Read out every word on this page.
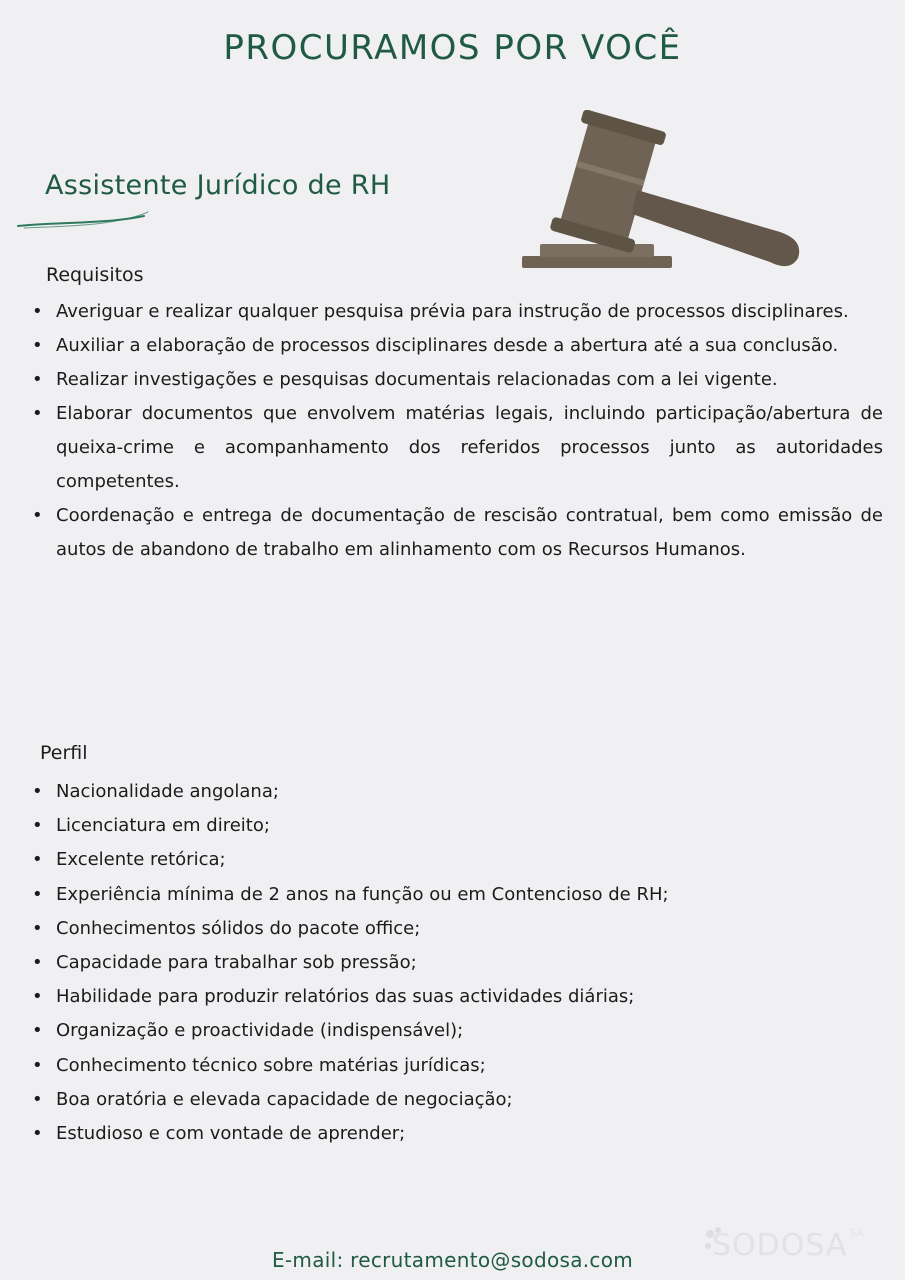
PROCURAMOS POR VOCÊ
Assistente Jurídico de RH

Requisitos

• Averiguar e realizar qualquer pesquisa prévia para instrução de processos disciplinares.
• Auxiliar a elaboração de processos disciplinares desde a abertura até a sua conclusão.
• Realizar investigações e pesquisas documentais relacionadas com a lei vigente.
• Elaborar documentos que envolvem matérias legais, incluindo participação/abertura de queixa-crime e acompanhamento dos referidos processos junto as autoridades competentes.
• Coordenação e entrega de documentação de rescisão contratual, bem como emissão de autos de abandono de trabalho em alinhamento com os Recursos Humanos.

Perfil

• Nacionalidade angolana;
• Licenciatura em direito;
• Excelente retórica;
• Experiência mínima de 2 anos na função ou em Contencioso de RH;
• Conhecimentos sólidos do pacote office;
• Capacidade para trabalhar sob pressão;
• Habilidade para produzir relatórios das suas actividades diárias;
• Organização e proactividade (indispensável);
• Conhecimento técnico sobre matérias jurídicas;
• Boa oratória e elevada capacidade de negociação;
• Estudioso e com vontade de aprender;

E-mail: recrutamento@sodosa.com	SODOSA $^{SA}$
